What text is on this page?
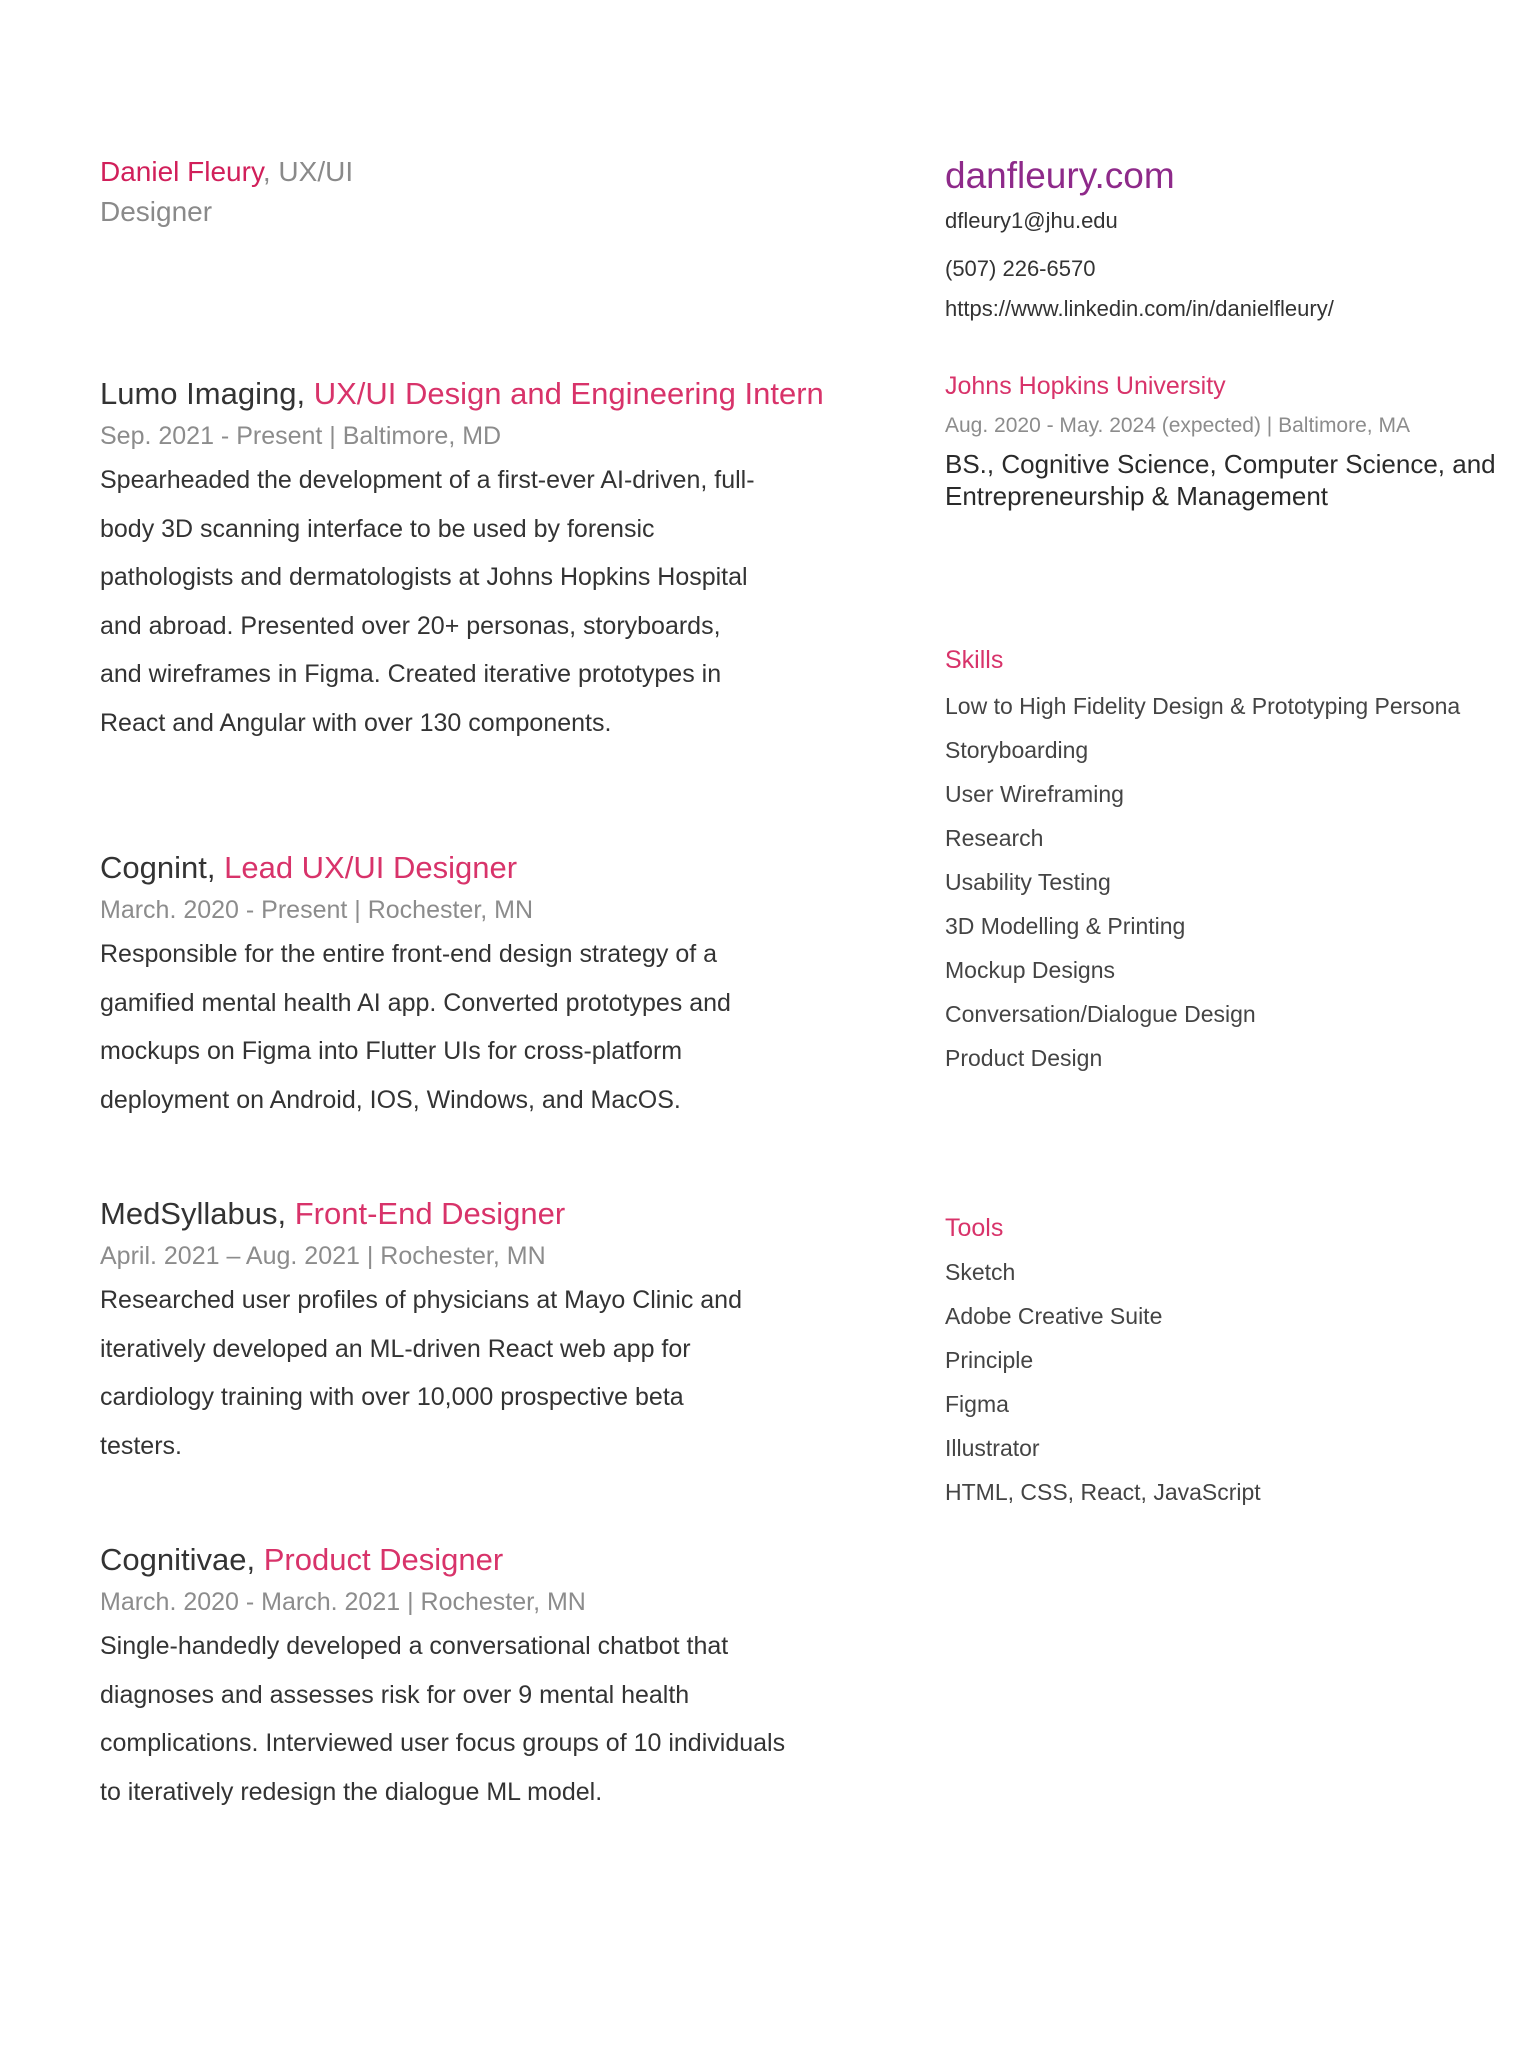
Daniel Fleury, UX/UI
Designer
danfleury.com
dfleury1@jhu.edu
(507) 226-6570
https://www.linkedin.com/in/danielfleury/
Lumo Imaging, UX/UI Design and Engineering Intern
Sep. 2021 - Present | Baltimore, MD
Spearheaded the development of a first-ever AI-driven, full-
body 3D scanning interface to be used by forensic
pathologists and dermatologists at Johns Hopkins Hospital
and abroad. Presented over 20+ personas, storyboards,
and wireframes in Figma. Created iterative prototypes in
React and Angular with over 130 components.
Cognint, Lead UX/UI Designer
March. 2020 - Present | Rochester, MN
Responsible for the entire front-end design strategy of a
gamified mental health AI app. Converted prototypes and
mockups on Figma into Flutter UIs for cross-platform
deployment on Android, IOS, Windows, and MacOS.
MedSyllabus, Front-End Designer
April. 2021 – Aug. 2021 | Rochester, MN
Researched user profiles of physicians at Mayo Clinic and
iteratively developed an ML-driven React web app for
cardiology training with over 10,000 prospective beta
testers.
Cognitivae, Product Designer
March. 2020 - March. 2021 | Rochester, MN
Single-handedly developed a conversational chatbot that
diagnoses and assesses risk for over 9 mental health
complications. Interviewed user focus groups of 10 individuals
to iteratively redesign the dialogue ML model.
Johns Hopkins University
Aug. 2020 - May. 2024 (expected) | Baltimore, MA
BS., Cognitive Science, Computer Science, and Entrepreneurship & Management
Skills
Low to High Fidelity Design & Prototyping Persona
Storyboarding
User Wireframing
Research
Usability Testing
3D Modelling & Printing
Mockup Designs
Conversation/Dialogue Design
Product Design
Tools
Sketch
Adobe Creative Suite
Principle
Figma
Illustrator
HTML, CSS, React, JavaScript
